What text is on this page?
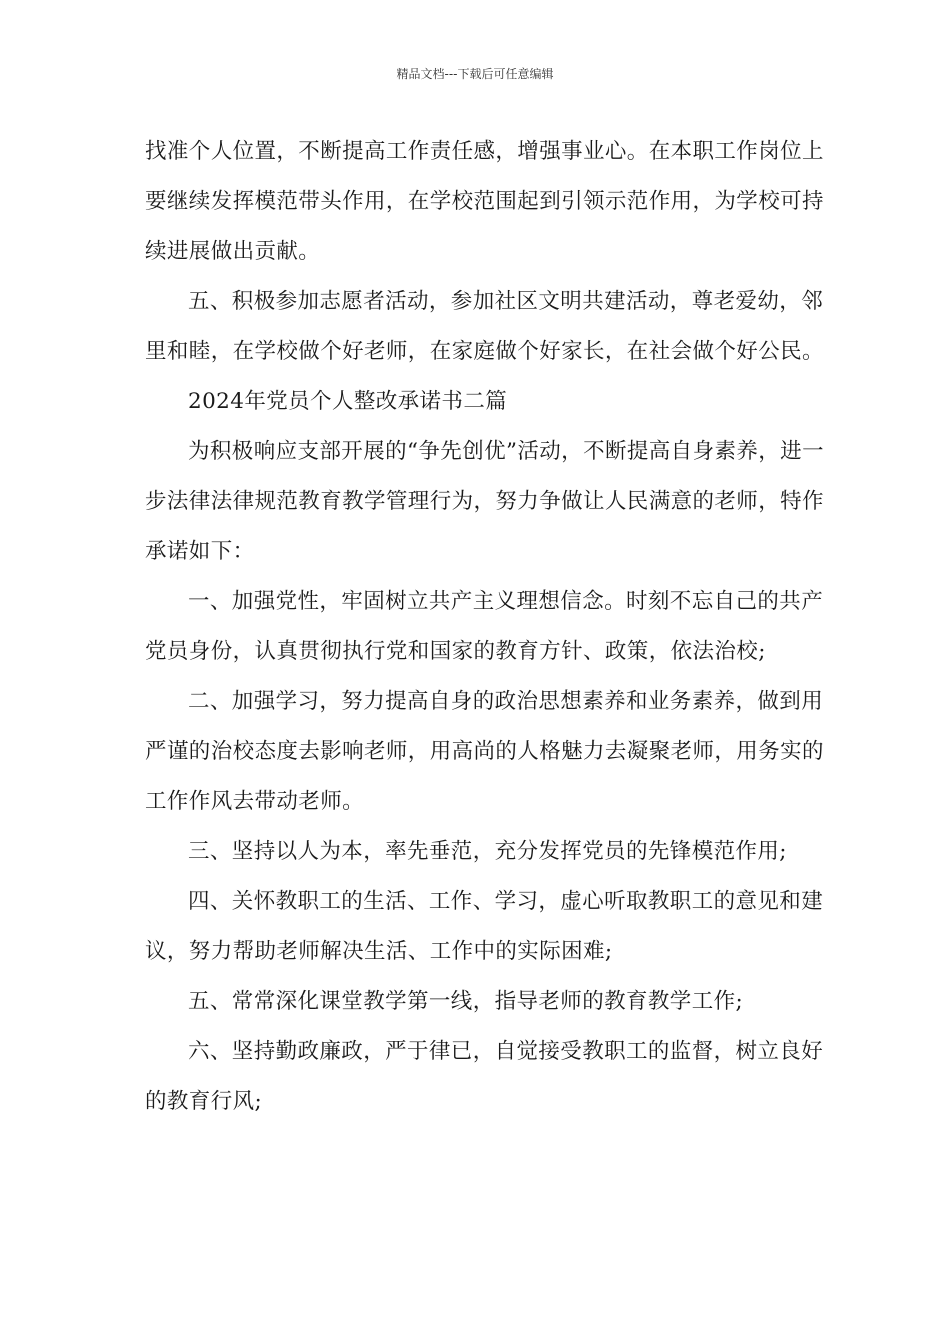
精品文档---下载后可任意编辑

找准个人位置，不断提高工作责任感，增强事业心。在本职工作岗位上要继续发挥模范带头作用，在学校范围起到引领示范作用，为学校可持续进展做出贡献。

五、积极参加志愿者活动，参加社区文明共建活动，尊老爱幼，邻里和睦，在学校做个好老师，在家庭做个好家长，在社会做个好公民。

2024年党员个人整改承诺书二篇

为积极响应支部开展的“争先创优”活动，不断提高自身素养，进一步法律法律规范教育教学管理行为，努力争做让人民满意的老师，特作承诺如下：

一、加强党性，牢固树立共产主义理想信念。时刻不忘自己的共产党员身份，认真贯彻执行党和国家的教育方针、政策，依法治校;

二、加强学习，努力提高自身的政治思想素养和业务素养，做到用严谨的治校态度去影响老师，用高尚的人格魅力去凝聚老师，用务实的工作作风去带动老师。

三、坚持以人为本，率先垂范，充分发挥党员的先锋模范作用;

四、关怀教职工的生活、工作、学习，虚心听取教职工的意见和建议，努力帮助老师解决生活、工作中的实际困难;

五、常常深化课堂教学第一线，指导老师的教育教学工作;

六、坚持勤政廉政，严于律已，自觉接受教职工的监督，树立良好的教育行风;
